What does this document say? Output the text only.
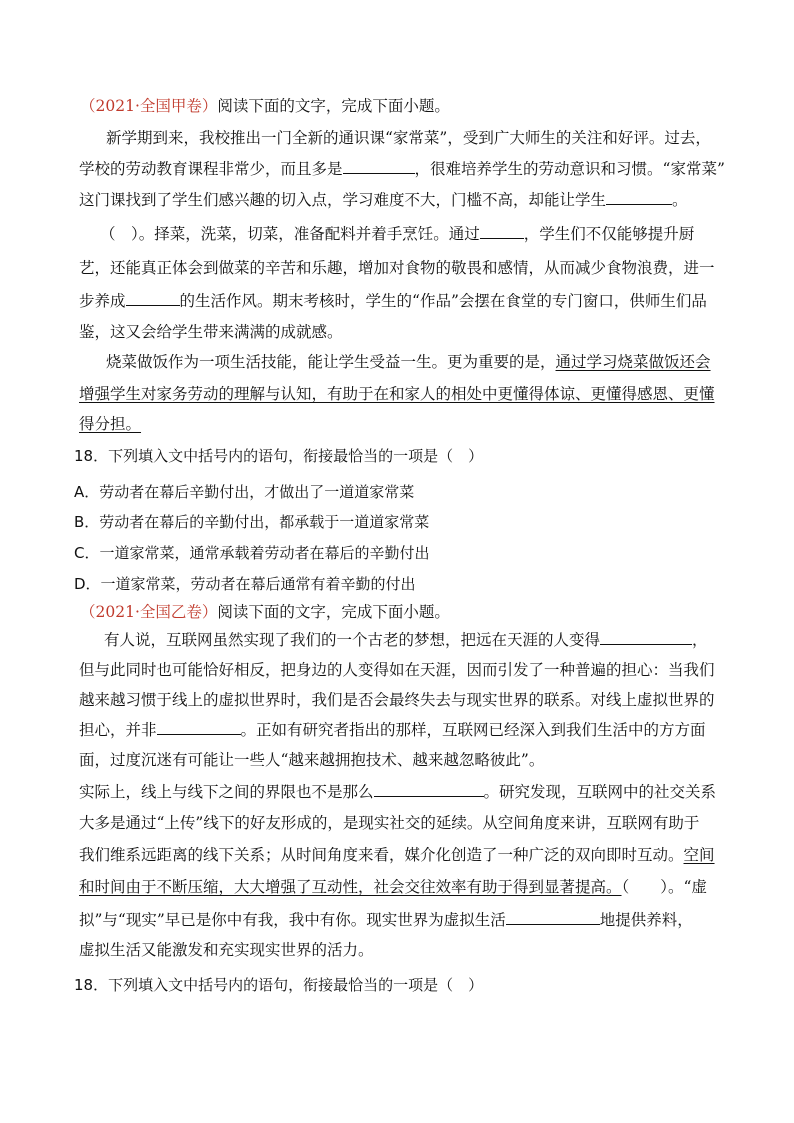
（2021·全国甲卷）阅读下面的文字，完成下面小题。
新学期到来，我校推出一门全新的通识课“家常菜”，受到广大师生的关注和好评。过去，
学校的劳动教育课程非常少，而且多是	，很难培养学生的劳动意识和习惯。“家常菜”
这门课找到了学生们感兴趣的切入点，学习难度不大，门槛不高，却能让学生	。
（　）。择菜，洗菜，切菜，准备配料并着手烹饪。通过	，学生们不仅能够提升厨
艺，还能真正体会到做菜的辛苦和乐趣，增加对食物的敬畏和感情，从而减少食物浪费，进一
步养成	的生活作风。期末考核时，学生的“作品”会摆在食堂的专门窗口，供师生们品
鉴，这又会给学生带来满满的成就感。
烧菜做饭作为一项生活技能，能让学生受益一生。更为重要的是，通过学习烧菜做饭还会
增强学生对家务劳动的理解与认知，有助于在和家人的相处中更懂得体谅、更懂得感恩、更懂
得分担。
18．下列填入文中括号内的语句，衔接最恰当的一项是（　）
A．劳动者在幕后辛勤付出，才做出了一道道家常菜
B．劳动者在幕后的辛勤付出，都承载于一道道家常菜
C．一道家常菜，通常承载着劳动者在幕后的辛勤付出
D．一道家常菜，劳动者在幕后通常有着辛勤的付出
（2021·全国乙卷）阅读下面的文字，完成下面小题。
有人说，互联网虽然实现了我们的一个古老的梦想，把远在天涯的人变得	，
但与此同时也可能恰好相反，把身边的人变得如在天涯，因而引发了一种普遍的担心：当我们
越来越习惯于线上的虚拟世界时，我们是否会最终失去与现实世界的联系。对线上虚拟世界的
担心，并非	。正如有研究者指出的那样，互联网已经深入到我们生活中的方方面
面，过度沉迷有可能让一些人“越来越拥抱技术、越来越忽略彼此”。
实际上，线上与线下之间的界限也不是那么	。研究发现，互联网中的社交关系
大多是通过“上传”线下的好友形成的，是现实社交的延续。从空间角度来讲，互联网有助于
我们维系远距离的线下关系；从时间角度来看，媒介化创造了一种广泛的双向即时互动。空间
和时间由于不断压缩，大大增强了互动性，社会交往效率有助于得到显著提高。（　　）。“虚
拟”与“现实”早已是你中有我，我中有你。现实世界为虚拟生活	地提供养料，
虚拟生活又能激发和充实现实世界的活力。
18．下列填入文中括号内的语句，衔接最恰当的一项是（　）
